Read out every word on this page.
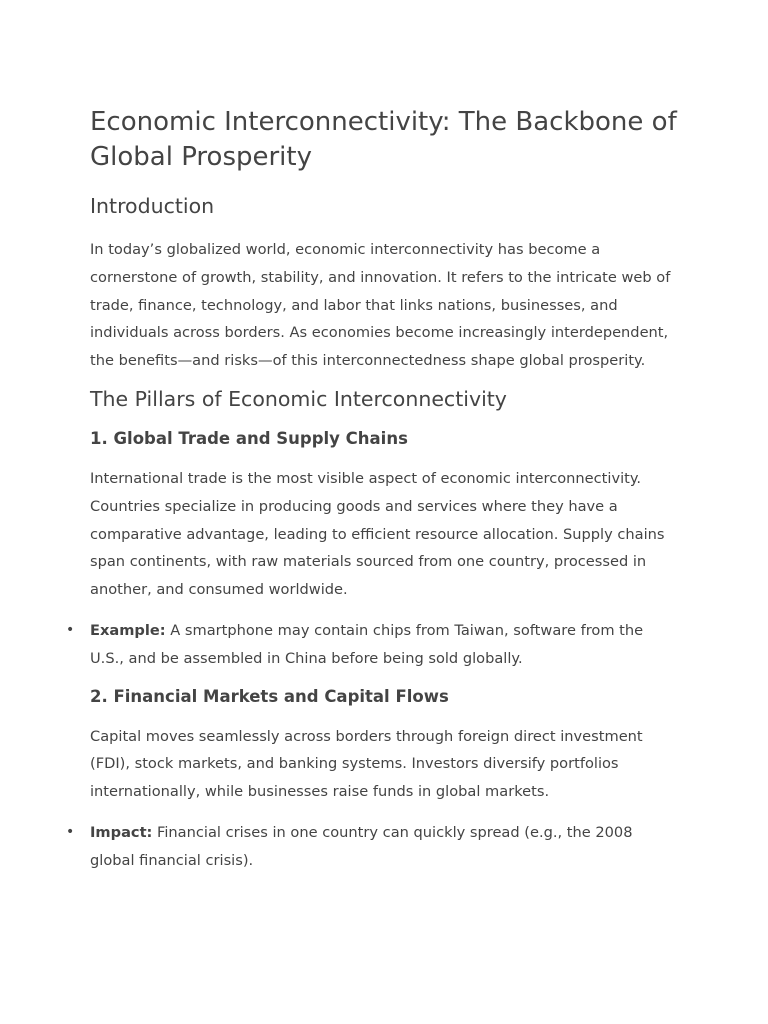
Economic Interconnectivity: The Backbone of Global Prosperity
Introduction

In today’s globalized world, economic interconnectivity has become a cornerstone of growth, stability, and innovation. It refers to the intricate web of trade, finance, technology, and labor that links nations, businesses, and individuals across borders. As economies become increasingly interdependent, the benefits—and risks—of this interconnectedness shape global prosperity.

The Pillars of Economic Interconnectivity
1. Global Trade and Supply Chains

International trade is the most visible aspect of economic interconnectivity. Countries specialize in producing goods and services where they have a comparative advantage, leading to efficient resource allocation. Supply chains span continents, with raw materials sourced from one country, processed in another, and consumed worldwide.

• Example: A smartphone may contain chips from Taiwan, software from the U.S., and be assembled in China before being sold globally.
2. Financial Markets and Capital Flows

Capital moves seamlessly across borders through foreign direct investment (FDI), stock markets, and banking systems. Investors diversify portfolios internationally, while businesses raise funds in global markets.

• Impact: Financial crises in one country can quickly spread (e.g., the 2008 global financial crisis).
